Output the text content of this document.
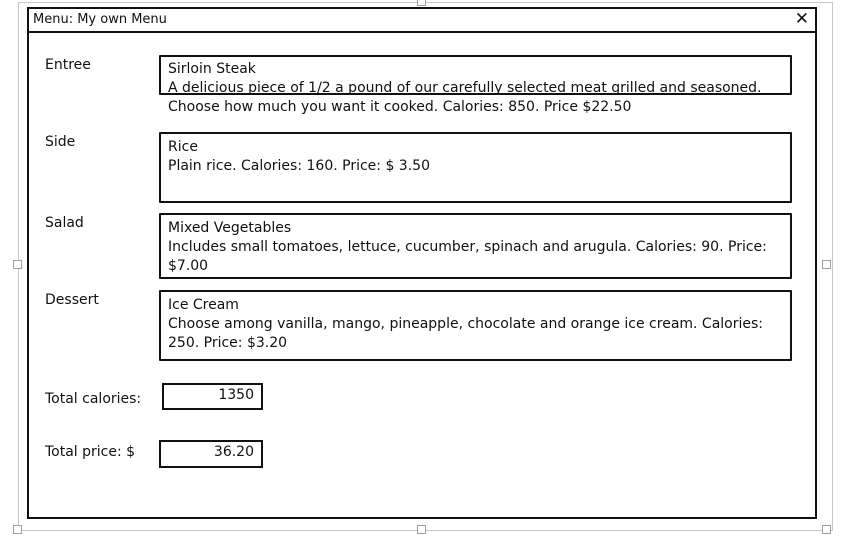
Menu: My own Menu	✕
Entree	Sirloin Steak
A delicious piece of 1/2 a pound of our carefully selected meat grilled and seasoned. Choose how much you want it cooked. Calories: 850. Price $22.50
Side	Rice
Plain rice. Calories: 160. Price: $ 3.50
Salad	Mixed Vegetables
Includes small tomatoes, lettuce, cucumber, spinach and arugula. Calories: 90. Price: $7.00
Dessert	Ice Cream
Choose among vanilla, mango, pineapple, chocolate and orange ice cream. Calories: 250. Price: $3.20
Total calories:	1350
Total price: $	36.20
